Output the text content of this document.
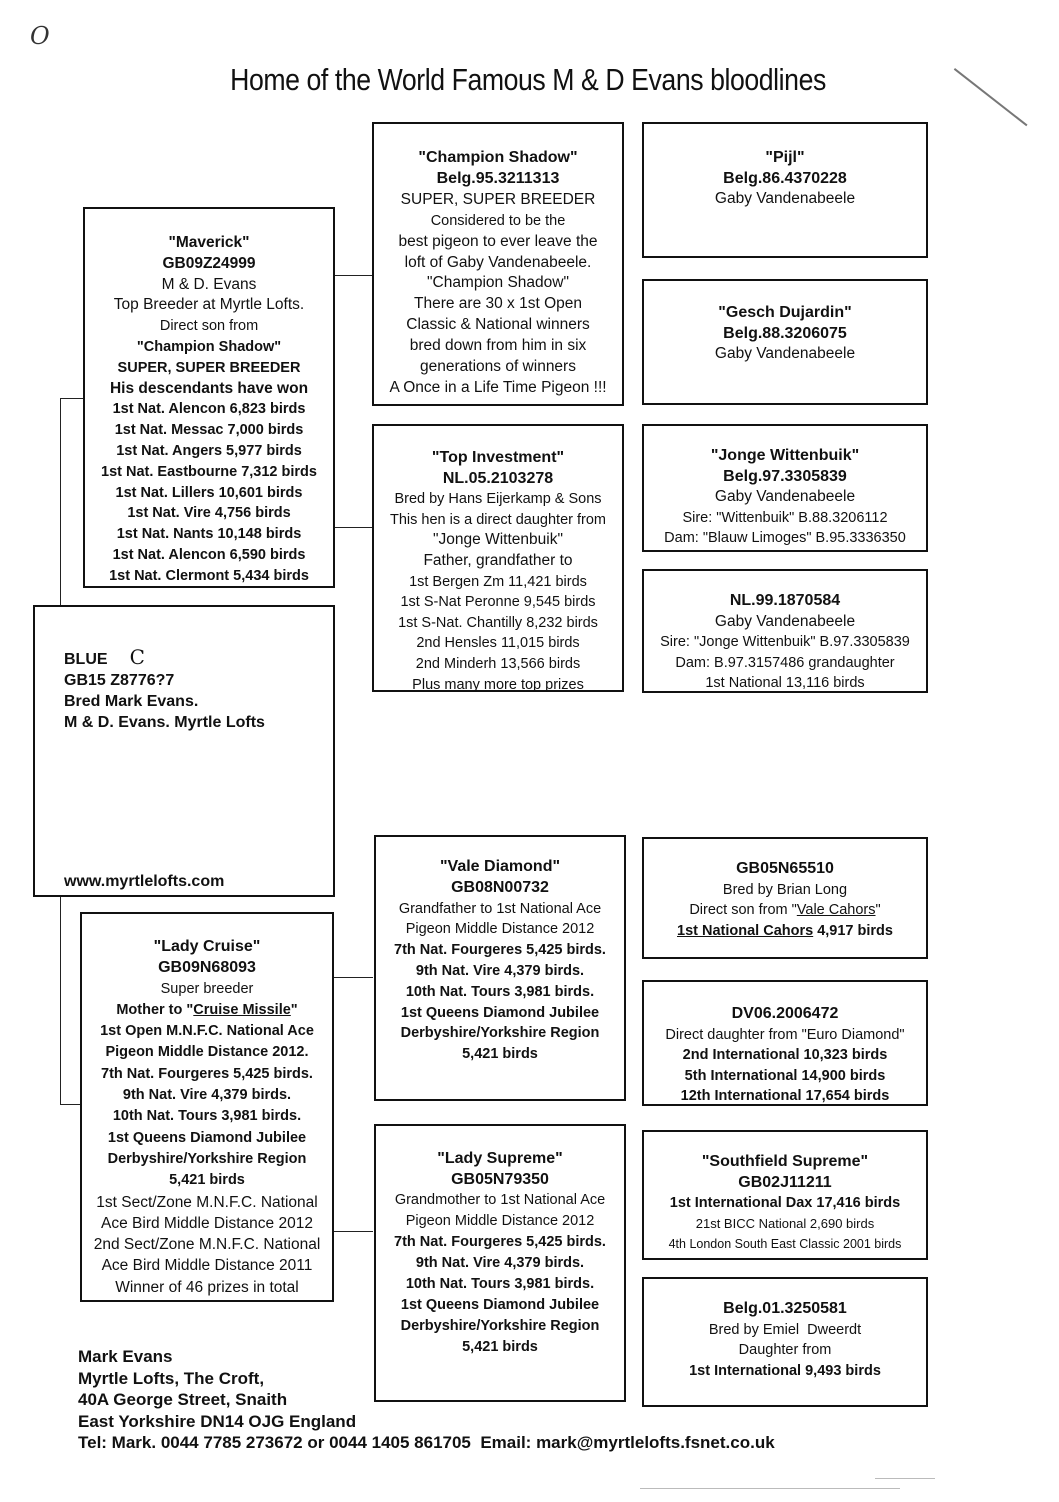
O
Home of the World Famous M & D Evans bloodlines
"Maverick"
GB09Z24999
M & D. Evans
Top Breeder at Myrtle Lofts.
Direct son from
"Champion Shadow"
SUPER, SUPER BREEDER
His descendants have won
1st Nat. Alencon 6,823 birds
1st Nat. Messac 7,000 birds
1st Nat. Angers 5,977 birds
1st Nat. Eastbourne 7,312 birds
1st Nat. Lillers 10,601 birds
1st Nat. Vire 4,756 birds
1st Nat. Nants 10,148 birds
1st Nat. Alencon 6,590 birds
1st Nat. Clermont 5,434 birds
BLUE C
GB15 Z8776?7
Bred Mark Evans.
M & D. Evans. Myrtle Lofts
www.myrtlelofts.com
"Lady Cruise"
GB09N68093
Super breeder
Mother to "Cruise Missile"
1st Open M.N.F.C. National Ace
Pigeon Middle Distance 2012.
7th Nat. Fourgeres 5,425 birds.
9th Nat. Vire 4,379 birds.
10th Nat. Tours 3,981 birds.
1st Queens Diamond Jubilee
Derbyshire/Yorkshire Region
5,421 birds
1st Sect/Zone M.N.F.C. National
Ace Bird Middle Distance 2012
2nd Sect/Zone M.N.F.C. National
Ace Bird Middle Distance 2011
Winner of 46 prizes in total
"Champion Shadow"
Belg.95.3211313
SUPER, SUPER BREEDER
Considered to be the
best pigeon to ever leave the
loft of Gaby Vandenabeele.
"Champion Shadow"
There are 30 x 1st Open
Classic & National winners
bred down from him in six
generations of winners
A Once in a Life Time Pigeon !!!
"Top Investment"
NL.05.2103278
Bred by Hans Eijerkamp & Sons
This hen is a direct daughter from
"Jonge Wittenbuik"
Father, grandfather to
1st Bergen Zm 11,421 birds
1st S-Nat Peronne 9,545 birds
1st S-Nat. Chantilly 8,232 birds
2nd Hensles 11,015 birds
2nd Minderh 13,566 birds
Plus many more top prizes
"Vale Diamond"
GB08N00732
Grandfather to 1st National Ace
Pigeon Middle Distance 2012
7th Nat. Fourgeres 5,425 birds.
9th Nat. Vire 4,379 birds.
10th Nat. Tours 3,981 birds.
1st Queens Diamond Jubilee
Derbyshire/Yorkshire Region
5,421 birds
"Lady Supreme"
GB05N79350
Grandmother to 1st National Ace
Pigeon Middle Distance 2012
7th Nat. Fourgeres 5,425 birds.
9th Nat. Vire 4,379 birds.
10th Nat. Tours 3,981 birds.
1st Queens Diamond Jubilee
Derbyshire/Yorkshire Region
5,421 birds
"Pijl"
Belg.86.4370228
Gaby Vandenabeele
"Gesch Dujardin"
Belg.88.3206075
Gaby Vandenabeele
"Jonge Wittenbuik"
Belg.97.3305839
Gaby Vandenabeele
Sire: "Wittenbuik" B.88.3206112
Dam: "Blauw Limoges" B.95.3336350
NL.99.1870584
Gaby Vandenabeele
Sire: "Jonge Wittenbuik" B.97.3305839
Dam: B.97.3157486 grandaughter
1st National 13,116 birds
GB05N65510
Bred by Brian Long
Direct son from "Vale Cahors"
1st National Cahors 4,917 birds
DV06.2006472
Direct daughter from "Euro Diamond"
2nd International 10,323 birds
5th International 14,900 birds
12th International 17,654 birds
"Southfield Supreme"
GB02J11211
1st International Dax 17,416 birds
21st BICC National 2,690 birds
4th London South East Classic 2001 birds
Belg.01.3250581
Bred by Emiel  Dweerdt
Daughter from
1st International 9,493 birds
Mark Evans
Myrtle Lofts, The Croft,
40A George Street, Snaith
East Yorkshire DN14 OJG England
Tel: Mark. 0044 7785 273672 or 0044 1405 861705  Email: mark@myrtlelofts.fsnet.co.uk
